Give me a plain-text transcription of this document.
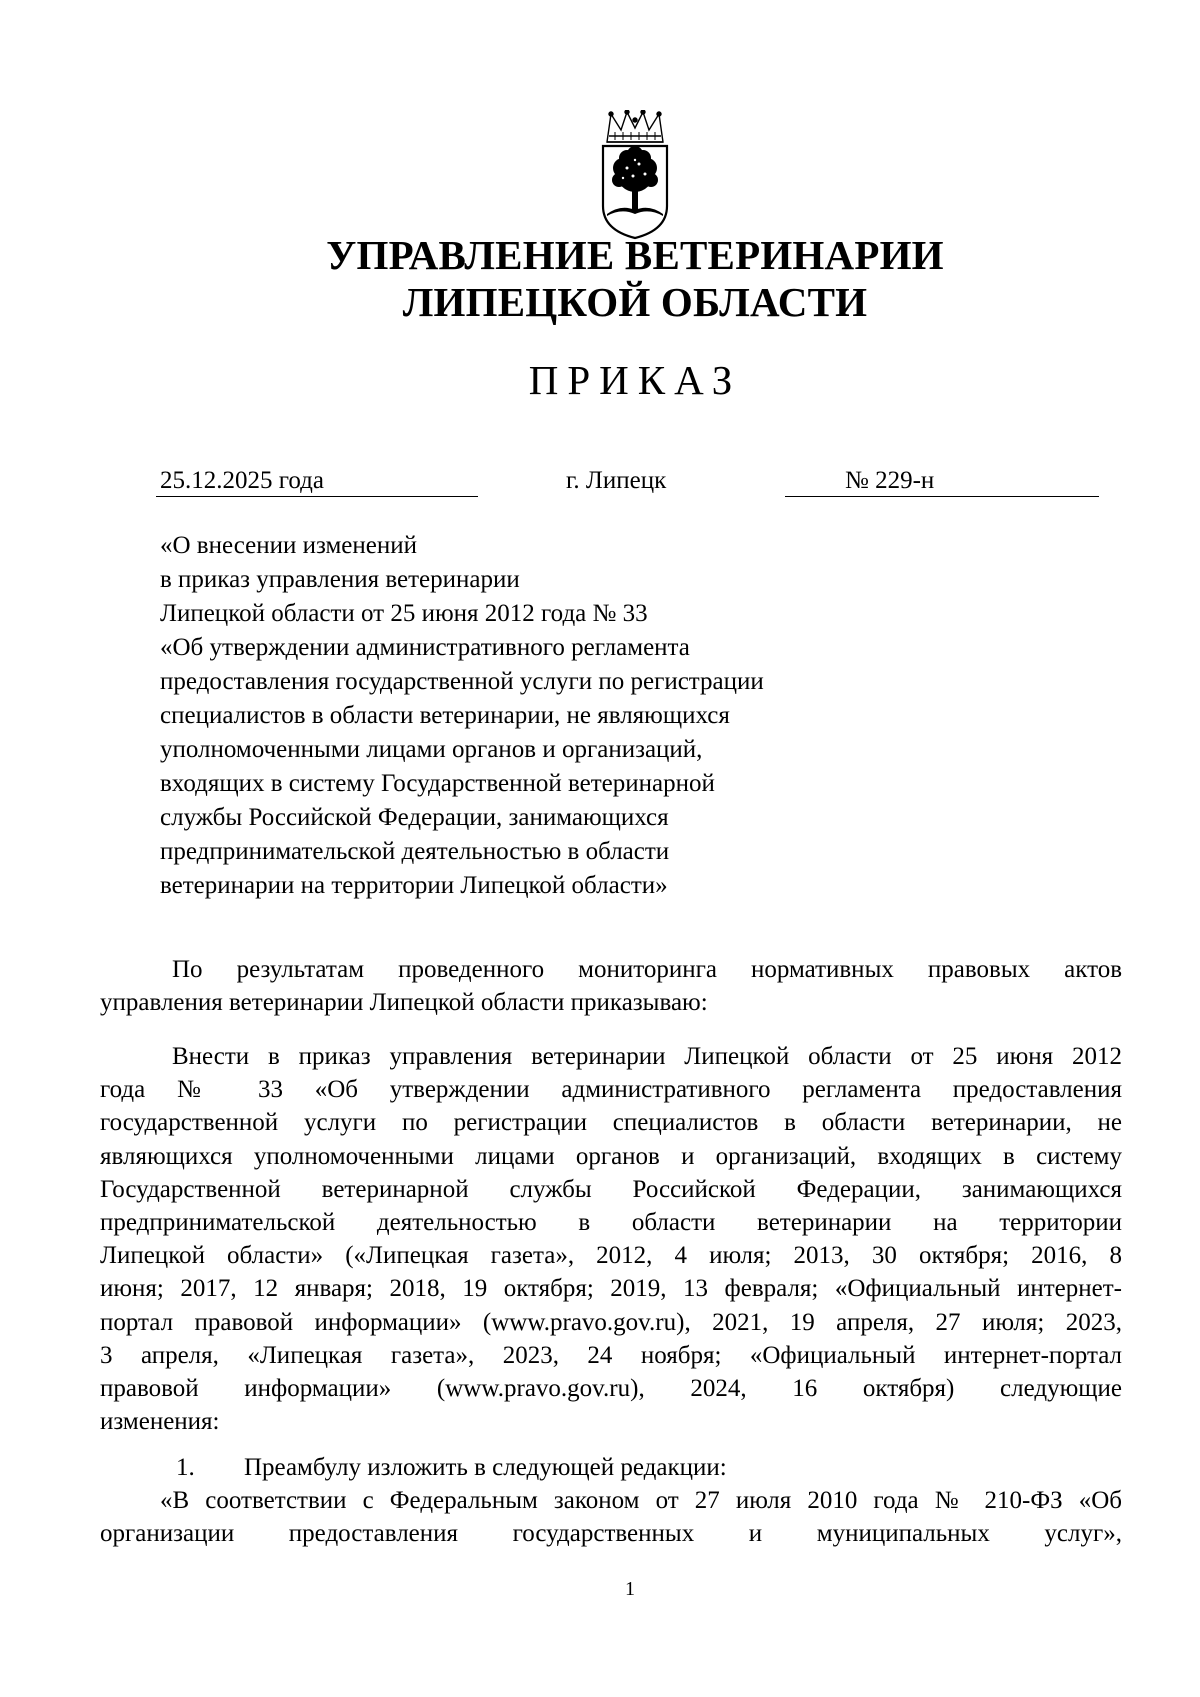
УПРАВЛЕНИЕ ВЕТЕРИНАРИИ
ЛИПЕЦКОЙ ОБЛАСТИ
ПРИКАЗ
25.12.2025 года	г. Липецк	№ 229-н
«О внесении изменений
в приказ управления ветеринарии
Липецкой области от 25 июня 2012 года № 33
«Об утверждении административного регламента
предоставления государственной услуги по регистрации
специалистов в области ветеринарии, не являющихся
уполномоченными лицами органов и организаций,
входящих в систему Государственной ветеринарной
службы Российской Федерации, занимающихся
предпринимательской деятельностью в области
ветеринарии на территории Липецкой области»
По результатам проведенного мониторинга нормативных правовых актов
управления ветеринарии Липецкой области приказываю:
Внести в приказ управления ветеринарии Липецкой области от 25 июня 2012
года № 33 «Об утверждении административного регламента предоставления
государственной услуги по регистрации специалистов в области ветеринарии, не
являющихся уполномоченными лицами органов и организаций, входящих в систему
Государственной ветеринарной службы Российской Федерации, занимающихся
предпринимательской деятельностью в области ветеринарии на территории
Липецкой области» («Липецкая газета», 2012, 4 июля; 2013, 30 октября; 2016, 8
июня; 2017, 12 января; 2018, 19 октября; 2019, 13 февраля; «Официальный интернет-
портал правовой информации» (www.pravo.gov.ru), 2021, 19 апреля, 27 июля; 2023,
3 апреля, «Липецкая газета», 2023, 24 ноября; «Официальный интернет-портал
правовой информации» (www.pravo.gov.ru), 2024, 16 октября) следующие
изменения:
1. Преамбулу изложить в следующей редакции:
«В соответствии с Федеральным законом от 27 июля 2010 года № 210-ФЗ «Об
организации предоставления государственных и муниципальных услуг»,
1
